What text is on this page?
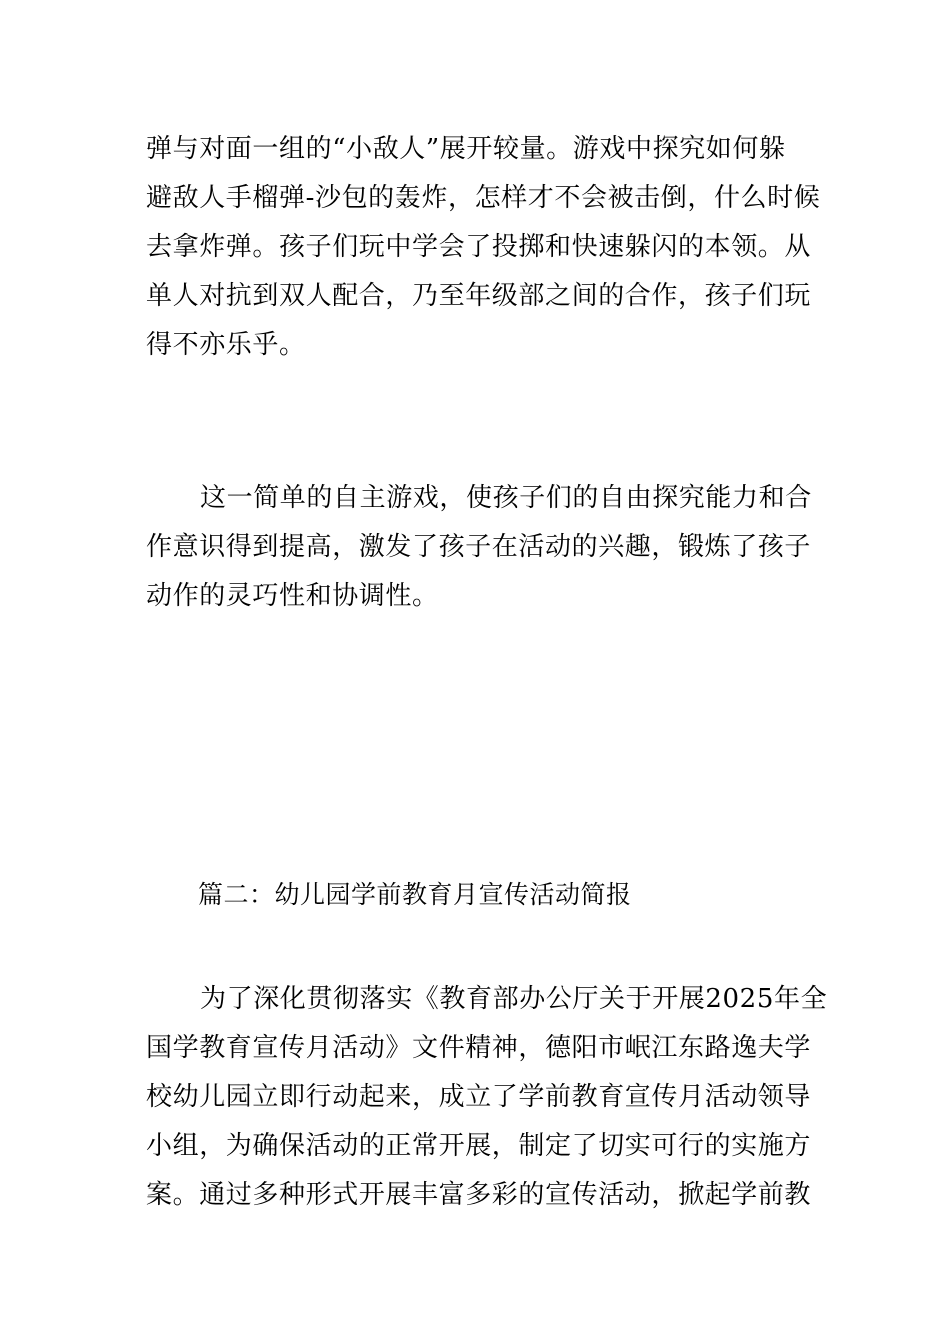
弹与对面一组的“小敌人”展开较量。游戏中探究如何躲
避敌人手榴弹-沙包的轰炸，怎样才不会被击倒，什么时候
去拿炸弹。孩子们玩中学会了投掷和快速躲闪的本领。从
单人对抗到双人配合，乃至年级部之间的合作，孩子们玩
得不亦乐乎。
这一简单的自主游戏，使孩子们的自由探究能力和合
作意识得到提高，激发了孩子在活动的兴趣，锻炼了孩子
动作的灵巧性和协调性。
篇二：幼儿园学前教育月宣传活动简报
为了深化贯彻落实《教育部办公厅关于开展2025年全
国学教育宣传月活动》文件精神，德阳市岷江东路逸夫学
校幼儿园立即行动起来，成立了学前教育宣传月活动领导
小组，为确保活动的正常开展，制定了切实可行的实施方
案。通过多种形式开展丰富多彩的宣传活动，掀起学前教
